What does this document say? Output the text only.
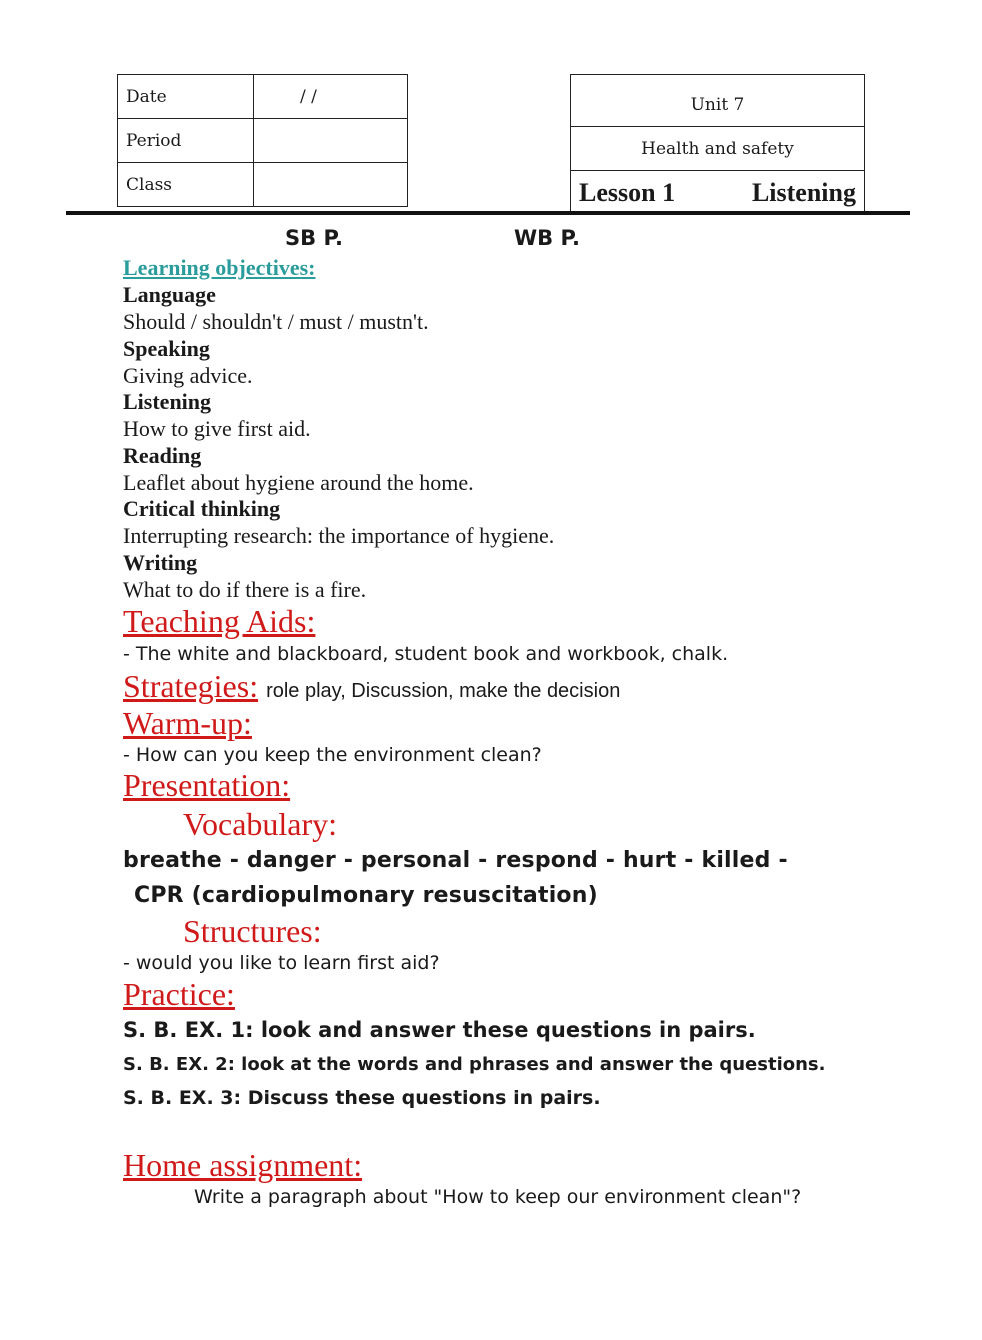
Date	/ /
Period	
Class	
Unit 7
Health and safety
Lesson 1	Listening
SB P.	WB P.
Learning objectives:
Language
Should / shouldn't / must / mustn't.
Speaking
Giving advice.
Listening
How to give first aid.
Reading
Leaflet about hygiene around the home.
Critical thinking
Interrupting research: the importance of hygiene.
Writing
What to do if there is a fire.
Teaching Aids:
- The white and blackboard, student book and workbook, chalk.
Strategies: role play, Discussion, make the decision
Warm-up:
- How can you keep the environment clean?
Presentation:
Vocabulary:
breathe - danger - personal - respond - hurt - killed -
CPR (cardiopulmonary resuscitation)
Structures:
- would you like to learn first aid?
Practice:
S. B. EX. 1: look and answer these questions in pairs.
S. B. EX. 2: look at the words and phrases and answer the questions.
S. B. EX. 3: Discuss these questions in pairs.
Home assignment:
Write a paragraph about "How to keep our environment clean"?
